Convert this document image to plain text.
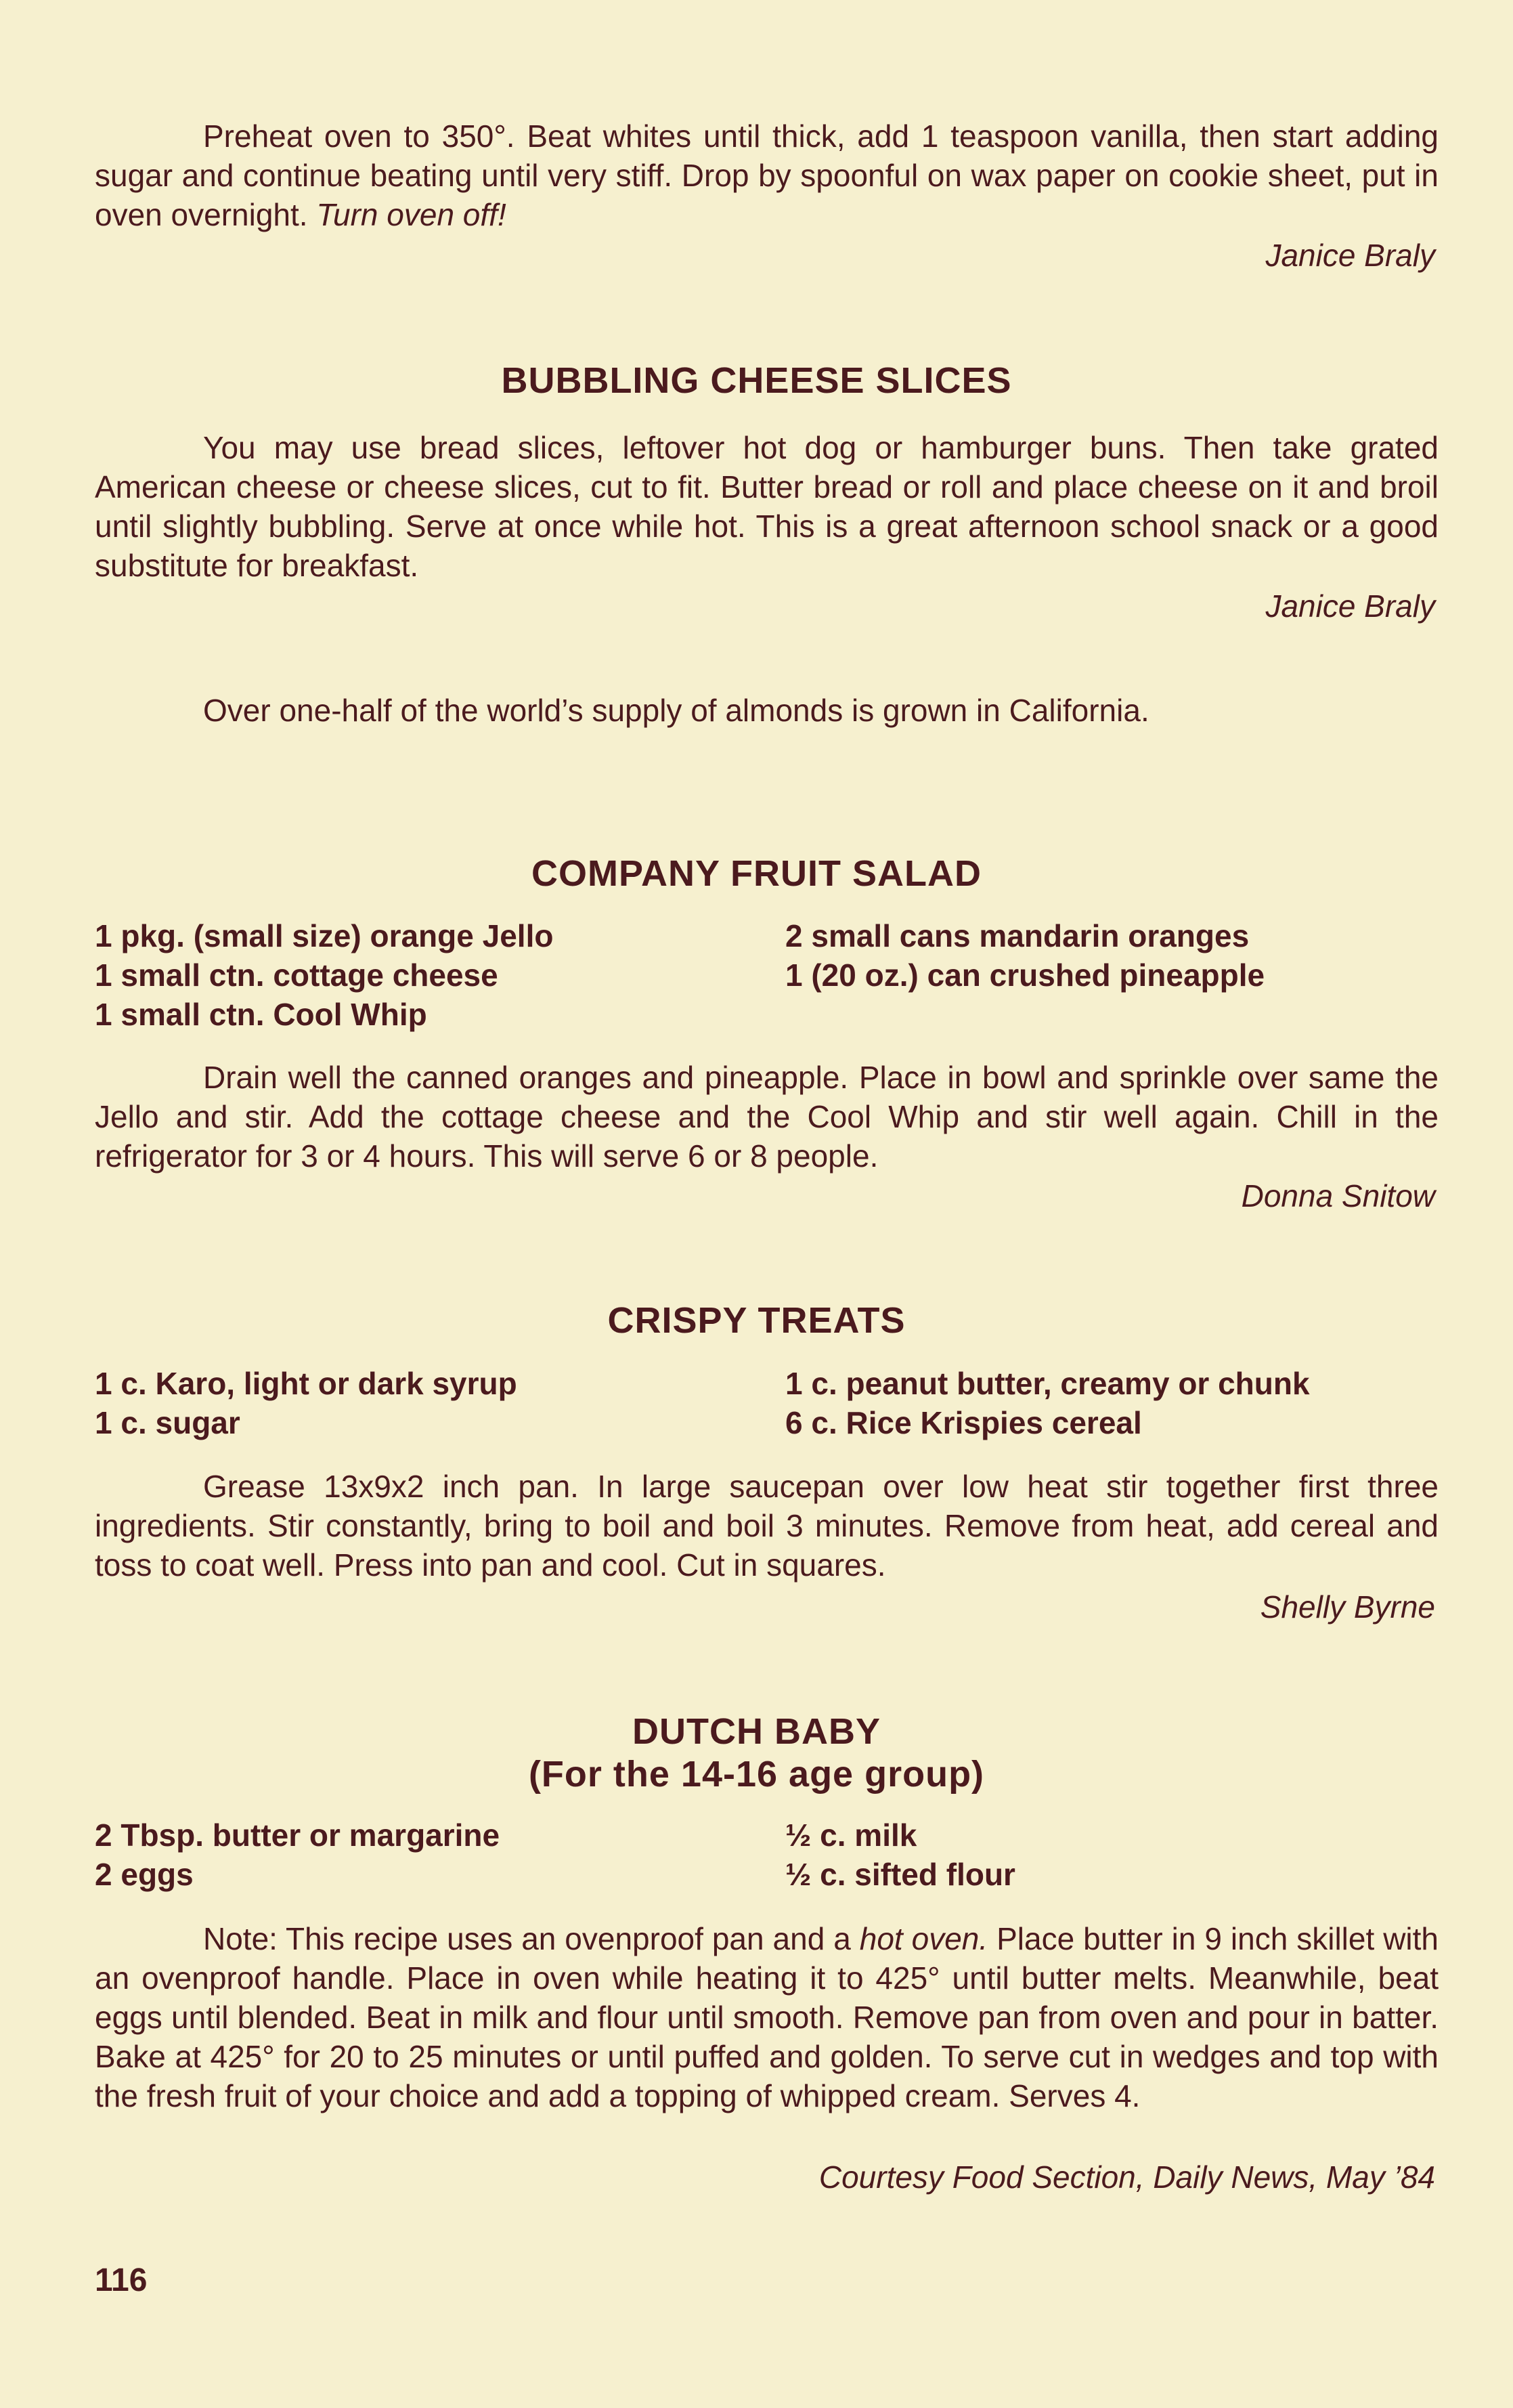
Preheat oven to 350°. Beat whites until thick, add 1 teaspoon vanilla, then start adding sugar and continue beating until very stiff. Drop by spoonful on wax paper on cookie sheet, put in oven overnight. Turn oven off!

Janice Braly
BUBBLING CHEESE SLICES

You may use bread slices, leftover hot dog or hamburger buns. Then take grated American cheese or cheese slices, cut to fit. Butter bread or roll and place cheese on it and broil until slightly bubbling. Serve at once while hot. This is a great afternoon school snack or a good substitute for breakfast.

Janice Braly
Over one-half of the world’s supply of almonds is grown in California.
COMPANY FRUIT SALAD
1 pkg. (small size) orange Jello
1 small ctn. cottage cheese
1 small ctn. Cool Whip
2 small cans mandarin oranges
1 (20 oz.) can crushed pineapple

Drain well the canned oranges and pineapple. Place in bowl and sprinkle over same the Jello and stir. Add the cottage cheese and the Cool Whip and stir well again. Chill in the refrigerator for 3 or 4 hours. This will serve 6 or 8 people.

Donna Snitow
CRISPY TREATS
1 c. Karo, light or dark syrup
1 c. sugar
1 c. peanut butter, creamy or chunk
6 c. Rice Krispies cereal

Grease 13x9x2 inch pan. In large saucepan over low heat stir together first three ingredients. Stir constantly, bring to boil and boil 3 minutes. Remove from heat, add cereal and toss to coat well. Press into pan and cool. Cut in squares.

Shelly Byrne
DUTCH BABY
(For the 14-16 age group)
2 Tbsp. butter or margarine
2 eggs
½ c. milk
½ c. sifted flour

Note: This recipe uses an ovenproof pan and a hot oven. Place butter in 9 inch skillet with an ovenproof handle. Place in oven while heating it to 425° until butter melts. Meanwhile, beat eggs until blended. Beat in milk and flour until smooth. Remove pan from oven and pour in batter. Bake at 425° for 20 to 25 minutes or until puffed and golden. To serve cut in wedges and top with the fresh fruit of your choice and add a topping of whipped cream. Serves 4.

Courtesy Food Section, Daily News, May ’84
116
